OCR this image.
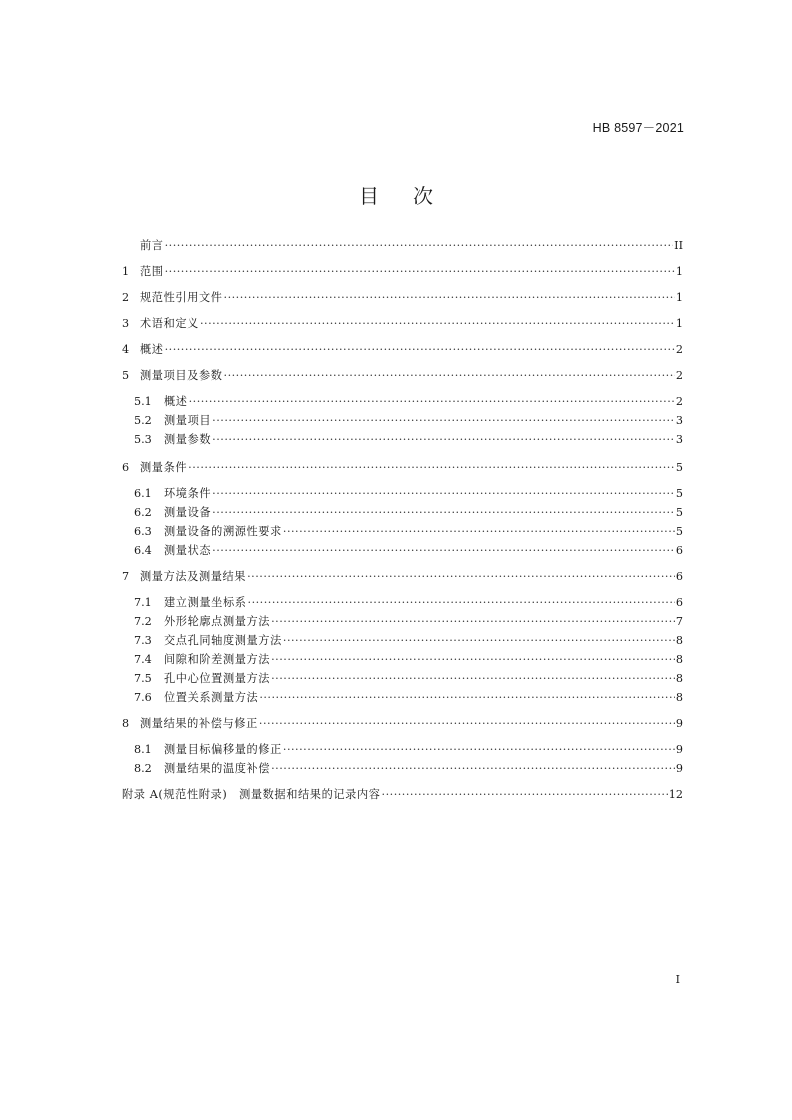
HB 8597－2021
目次
前言 ·····	II
1 范围 ·····	1
2 规范性引用文件 ·····	1
3 术语和定义 ·····	1
4 概述 ·····	2
5 测量项目及参数 ·····	2
5.1	概述 ·····	2
5.2	测量项目 ·····	3
5.3	测量参数 ·····	3
6 测量条件 ·····	5
6.1	环境条件 ·····	5
6.2	测量设备 ·····	5
6.3	测量设备的溯源性要求 ·····	5
6.4	测量状态 ·····	6
7 测量方法及测量结果 ·····	6
7.1	建立测量坐标系 ·····	6
7.2	外形轮廓点测量方法 ·····	7
7.3	交点孔同轴度测量方法 ·····	8
7.4	间隙和阶差测量方法 ·····	8
7.5	孔中心位置测量方法 ·····	8
7.6	位置关系测量方法 ·····	8
8 测量结果的补偿与修正 ·····	9
8.1	测量目标偏移量的修正 ·····	9
8.2	测量结果的温度补偿 ·····	9
附录 A(规范性附录)　测量数据和结果的记录内容 ·····	12
I
